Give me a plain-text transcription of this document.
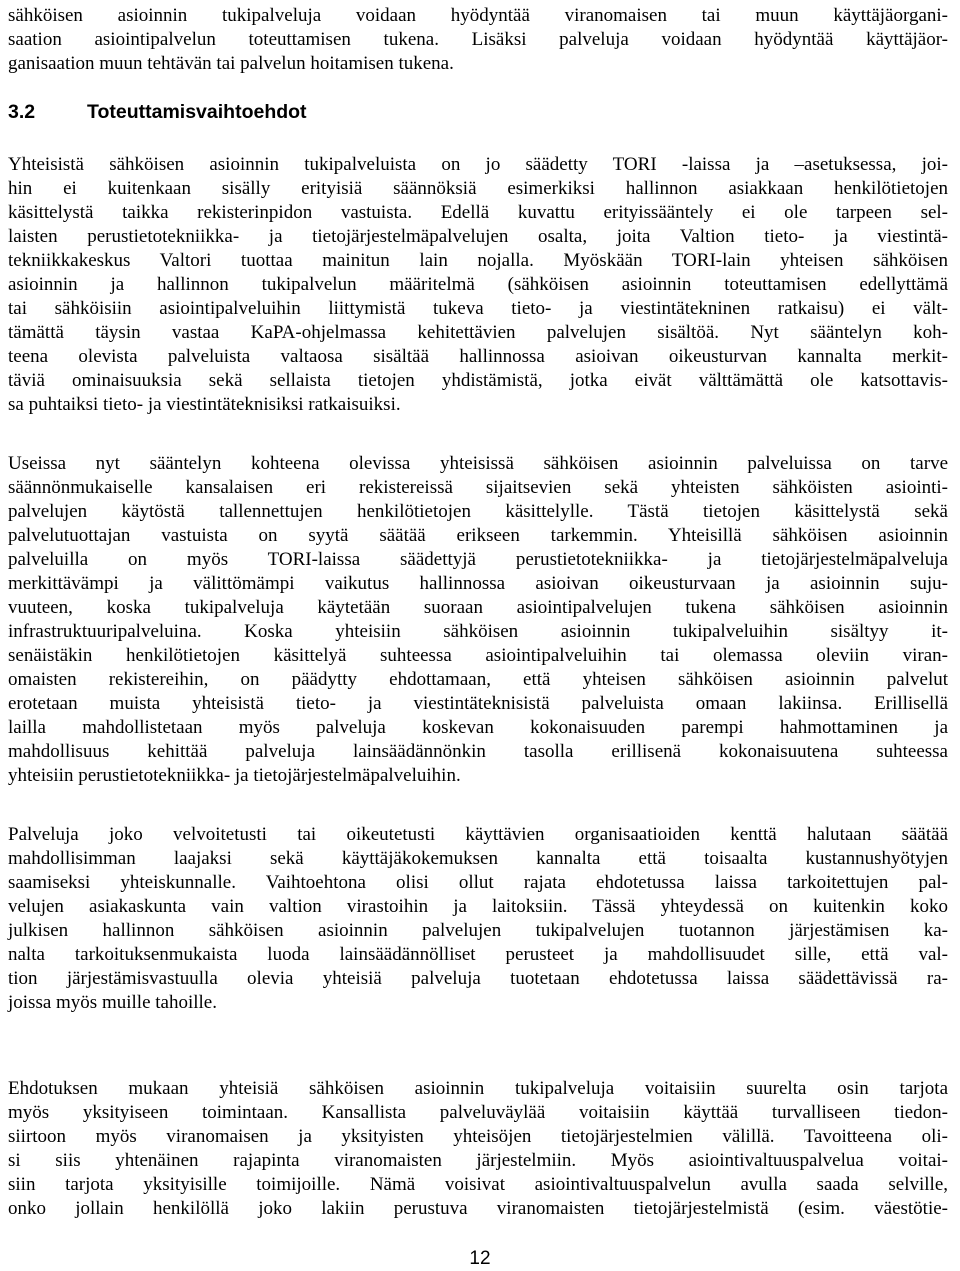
sähköisen asioinnin tukipalveluja voidaan hyödyntää viranomaisen tai muun käyttäjäorgani-
saation asiointipalvelun toteuttamisen tukena. Lisäksi palveluja voidaan hyödyntää käyttäjäor-
ganisaation muun tehtävän tai palvelun hoitamisen tukena.
3.2	Toteuttamisvaihtoehdot
Yhteisistä sähköisen asioinnin tukipalveluista on jo säädetty TORI -laissa ja –asetuksessa, joi-
hin ei kuitenkaan sisälly erityisiä säännöksiä esimerkiksi hallinnon asiakkaan henkilötietojen
käsittelystä taikka rekisterinpidon vastuista. Edellä kuvattu erityissääntely ei ole tarpeen sel-
laisten perustietotekniikka- ja tietojärjestelmäpalvelujen osalta, joita Valtion tieto- ja viestintä-
tekniikkakeskus Valtori tuottaa mainitun lain nojalla. Myöskään TORI-lain yhteisen sähköisen
asioinnin ja hallinnon tukipalvelun määritelmä (sähköisen asioinnin toteuttamisen edellyttämä
tai sähköisiin asiointipalveluihin liittymistä tukeva tieto- ja viestintätekninen ratkaisu) ei vält-
tämättä täysin vastaa KaPA-ohjelmassa kehitettävien palvelujen sisältöä. Nyt sääntelyn koh-
teena olevista palveluista valtaosa sisältää hallinnossa asioivan oikeusturvan kannalta merkit-
täviä ominaisuuksia sekä sellaista tietojen yhdistämistä, jotka eivät välttämättä ole katsottavis-
sa puhtaiksi tieto- ja viestintäteknisiksi ratkaisuiksi.
Useissa nyt sääntelyn kohteena olevissa yhteisissä sähköisen asioinnin palveluissa on tarve
säännönmukaiselle kansalaisen eri rekistereissä sijaitsevien sekä yhteisten sähköisten asiointi-
palvelujen käytöstä tallennettujen henkilötietojen käsittelylle. Tästä tietojen käsittelystä sekä
palvelutuottajan vastuista on syytä säätää erikseen tarkemmin. Yhteisillä sähköisen asioinnin
palveluilla on myös TORI-laissa säädettyjä perustietotekniikka- ja tietojärjestelmäpalveluja
merkittävämpi ja välittömämpi vaikutus hallinnossa asioivan oikeusturvaan ja asioinnin suju-
vuuteen, koska tukipalveluja käytetään suoraan asiointipalvelujen tukena sähköisen asioinnin
infrastruktuuripalveluina. Koska yhteisiin sähköisen asioinnin tukipalveluihin sisältyy it-
senäistäkin henkilötietojen käsittelyä suhteessa asiointipalveluihin tai olemassa oleviin viran-
omaisten rekistereihin, on päädytty ehdottamaan, että yhteisen sähköisen asioinnin palvelut
erotetaan muista yhteisistä tieto- ja viestintäteknisistä palveluista omaan lakiinsa. Erillisellä
lailla mahdollistetaan myös palveluja koskevan kokonaisuuden parempi hahmottaminen ja
mahdollisuus kehittää palveluja lainsäädännönkin tasolla erillisenä kokonaisuutena suhteessa
yhteisiin perustietotekniikka- ja tietojärjestelmäpalveluihin.
Palveluja joko velvoitetusti tai oikeutetusti käyttävien organisaatioiden kenttä halutaan säätää
mahdollisimman laajaksi sekä käyttäjäkokemuksen kannalta että toisaalta kustannushyötyjen
saamiseksi yhteiskunnalle. Vaihtoehtona olisi ollut rajata ehdotetussa laissa tarkoitettujen pal-
velujen asiakaskunta vain valtion virastoihin ja laitoksiin. Tässä yhteydessä on kuitenkin koko
julkisen hallinnon sähköisen asioinnin palvelujen tukipalvelujen tuotannon järjestämisen ka-
nalta tarkoituksenmukaista luoda lainsäädännölliset perusteet ja mahdollisuudet sille, että val-
tion järjestämisvastuulla olevia yhteisiä palveluja tuotetaan ehdotetussa laissa säädettävissä ra-
joissa myös muille tahoille.
Ehdotuksen mukaan yhteisiä sähköisen asioinnin tukipalveluja voitaisiin suurelta osin tarjota
myös yksityiseen toimintaan. Kansallista palveluväylää voitaisiin käyttää turvalliseen tiedon-
siirtoon myös viranomaisen ja yksityisten yhteisöjen tietojärjestelmien välillä. Tavoitteena oli-
si siis yhtenäinen rajapinta viranomaisten järjestelmiin. Myös asiointivaltuuspalvelua voitai-
siin tarjota yksityisille toimijoille. Nämä voisivat asiointivaltuuspalvelun avulla saada selville,
onko jollain henkilöllä joko lakiin perustuva viranomaisten tietojärjestelmistä (esim. väestötie-
12
